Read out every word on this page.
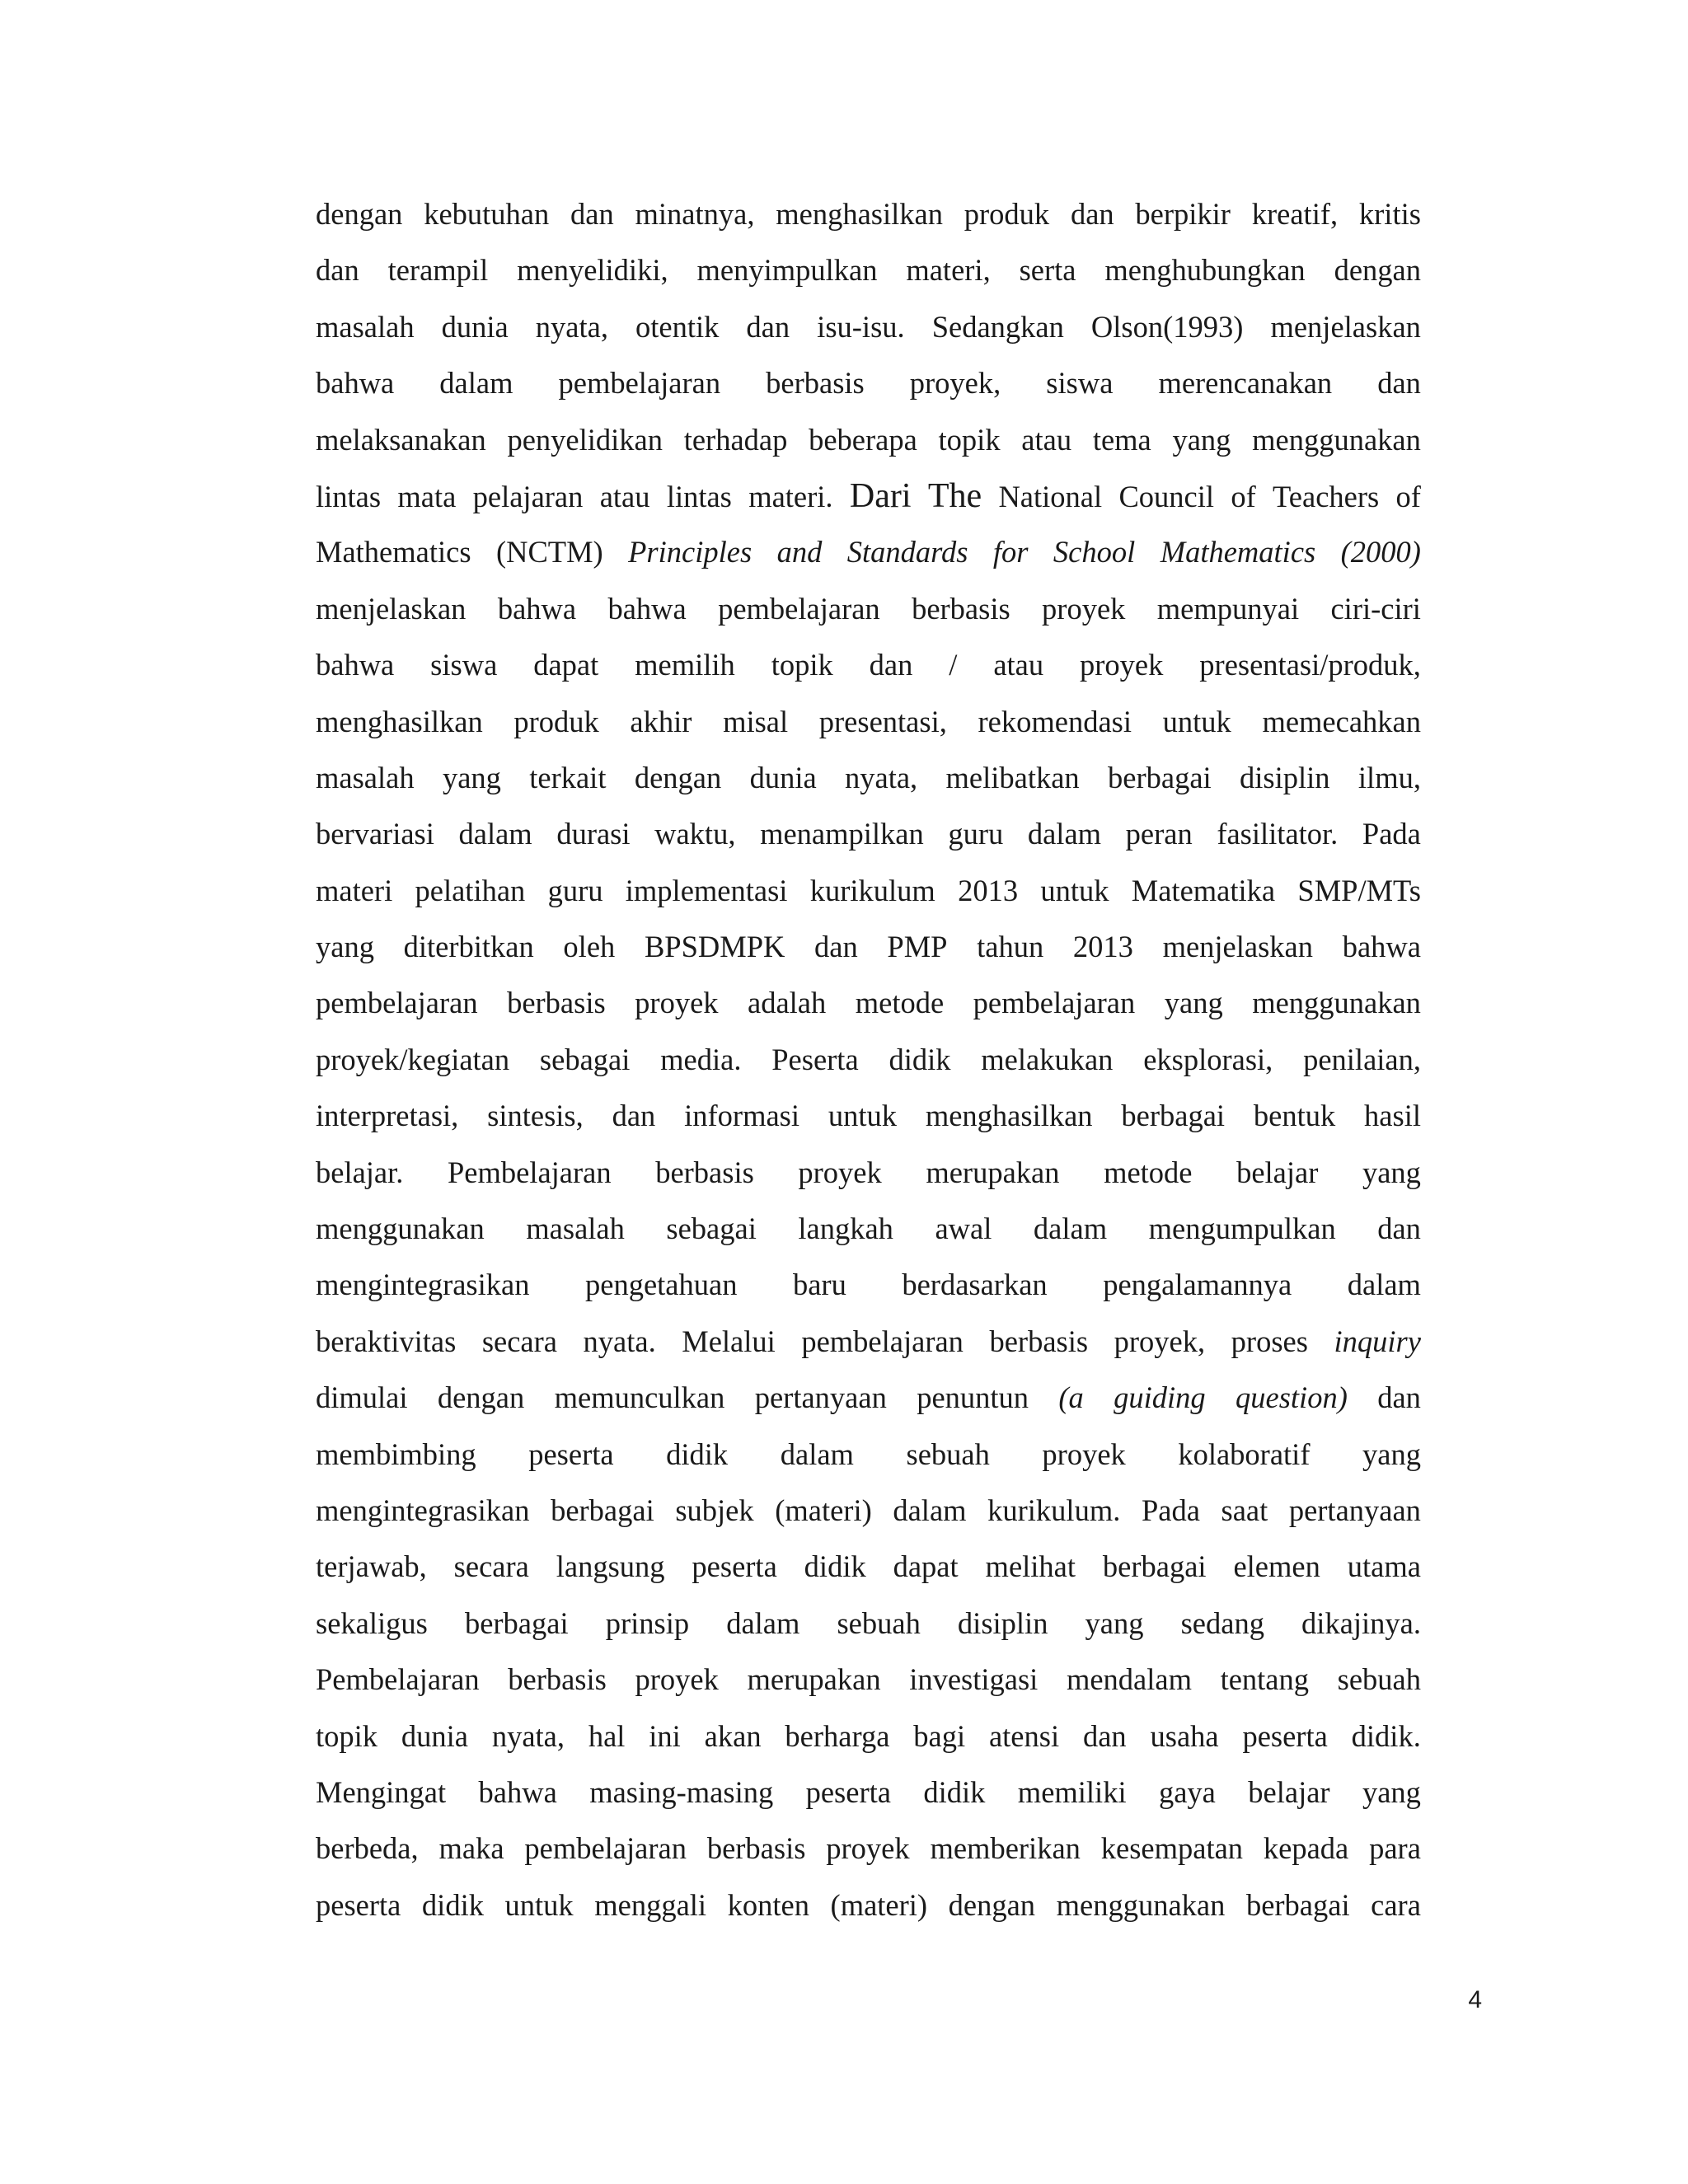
dengan kebutuhan dan minatnya, menghasilkan produk dan berpikir kreatif, kritis
dan terampil menyelidiki, menyimpulkan materi, serta menghubungkan dengan
masalah dunia nyata, otentik dan isu-isu. Sedangkan Olson(1993) menjelaskan
bahwa dalam pembelajaran berbasis proyek, siswa merencanakan dan
melaksanakan penyelidikan terhadap beberapa topik atau tema yang menggunakan
lintas mata pelajaran atau lintas materi. Dari The National Council of Teachers of
Mathematics (NCTM) Principles and Standards for School Mathematics (2000)
menjelaskan bahwa bahwa pembelajaran berbasis proyek mempunyai ciri-ciri
bahwa siswa dapat memilih topik dan / atau proyek presentasi/produk,
menghasilkan produk akhir misal presentasi, rekomendasi untuk memecahkan
masalah yang terkait dengan dunia nyata, melibatkan berbagai disiplin ilmu,
bervariasi dalam durasi waktu, menampilkan guru dalam peran fasilitator. Pada
materi pelatihan guru implementasi kurikulum 2013 untuk Matematika SMP/MTs
yang diterbitkan oleh BPSDMPK dan PMP tahun 2013 menjelaskan bahwa
pembelajaran berbasis proyek adalah metode pembelajaran yang menggunakan
proyek/kegiatan sebagai media. Peserta didik melakukan eksplorasi, penilaian,
interpretasi, sintesis, dan informasi untuk menghasilkan berbagai bentuk hasil
belajar. Pembelajaran berbasis proyek merupakan metode belajar yang
menggunakan masalah sebagai langkah awal dalam mengumpulkan dan
mengintegrasikan pengetahuan baru berdasarkan pengalamannya dalam
beraktivitas secara nyata. Melalui pembelajaran berbasis proyek, proses inquiry
dimulai dengan memunculkan pertanyaan penuntun (a guiding question) dan
membimbing peserta didik dalam sebuah proyek kolaboratif yang
mengintegrasikan berbagai subjek (materi) dalam kurikulum. Pada saat pertanyaan
terjawab, secara langsung peserta didik dapat melihat berbagai elemen utama
sekaligus berbagai prinsip dalam sebuah disiplin yang sedang dikajinya.
Pembelajaran berbasis proyek merupakan investigasi mendalam tentang sebuah
topik dunia nyata, hal ini akan berharga bagi atensi dan usaha peserta didik.
Mengingat bahwa masing-masing peserta didik memiliki gaya belajar yang
berbeda, maka pembelajaran berbasis proyek memberikan kesempatan kepada para
peserta didik untuk menggali konten (materi) dengan menggunakan berbagai cara
4
